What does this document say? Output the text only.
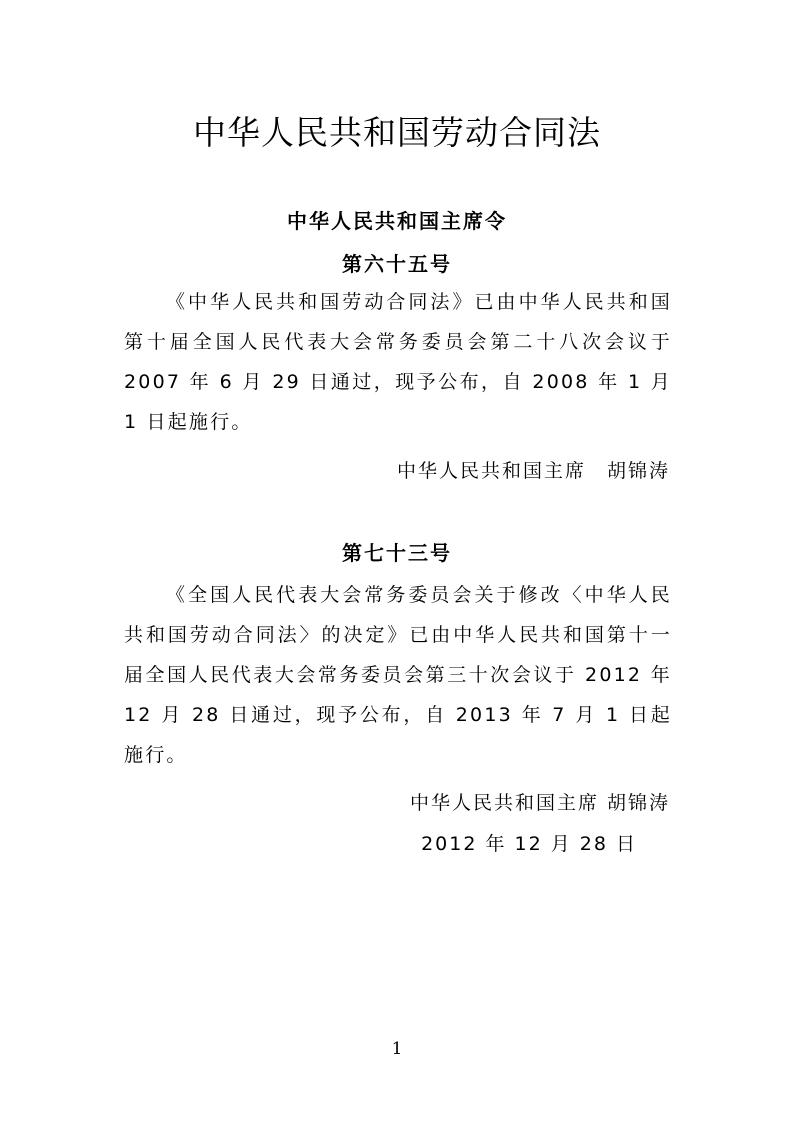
中华人民共和国劳动合同法
中华人民共和国主席令
第六十五号
《中华人民共和国劳动合同法》已由中华人民共和国第十届全国人民代表大会常务委员会第二十八次会议于 2007 年 6 月 29 日通过，现予公布，自 2008 年 1 月 1 日起施行。
中华人民共和国主席　胡锦涛
第七十三号
《全国人民代表大会常务委员会关于修改〈中华人民共和国劳动合同法〉的决定》已由中华人民共和国第十一届全国人民代表大会常务委员会第三十次会议于 2012 年 12 月 28 日通过，现予公布，自 2013 年 7 月 1 日起施行。
中华人民共和国主席 胡锦涛
2012 年 12 月 28 日
1
